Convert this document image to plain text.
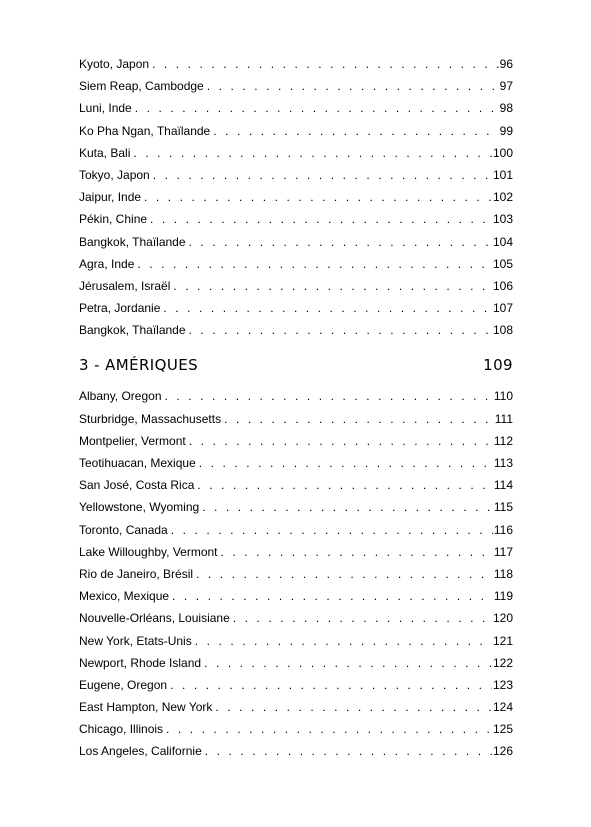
Kyoto, Japon . . .	96
Siem Reap, Cambodge . . .	97
Luni, Inde . . .	98
Ko Pha Ngan, Thaïlande . . .	99
Kuta, Bali . . .	100
Tokyo, Japon . . .	101
Jaipur, Inde . . .	102
Pékin, Chine . . .	103
Bangkok, Thaïlande . . .	104
Agra, Inde . . .	105
Jérusalem, Israël . . .	106
Petra, Jordanie . . .	107
Bangkok, Thaïlande . . .	108
3 - AMÉRIQUES	109
Albany, Oregon . . .	110
Sturbridge, Massachusetts . . .	111
Montpelier, Vermont . . .	112
Teotihuacan, Mexique . . .	113
San José, Costa Rica . . .	114
Yellowstone, Wyoming . . .	115
Toronto, Canada . . .	116
Lake Willoughby, Vermont . . .	117
Rio de Janeiro, Brésil . . .	118
Mexico, Mexique . . .	119
Nouvelle-Orléans, Louisiane . . .	120
New York, Etats-Unis . . .	121
Newport, Rhode Island . . .	122
Eugene, Oregon . . .	123
East Hampton, New York . . .	124
Chicago, Illinois . . .	125
Los Angeles, Californie . . .	126
